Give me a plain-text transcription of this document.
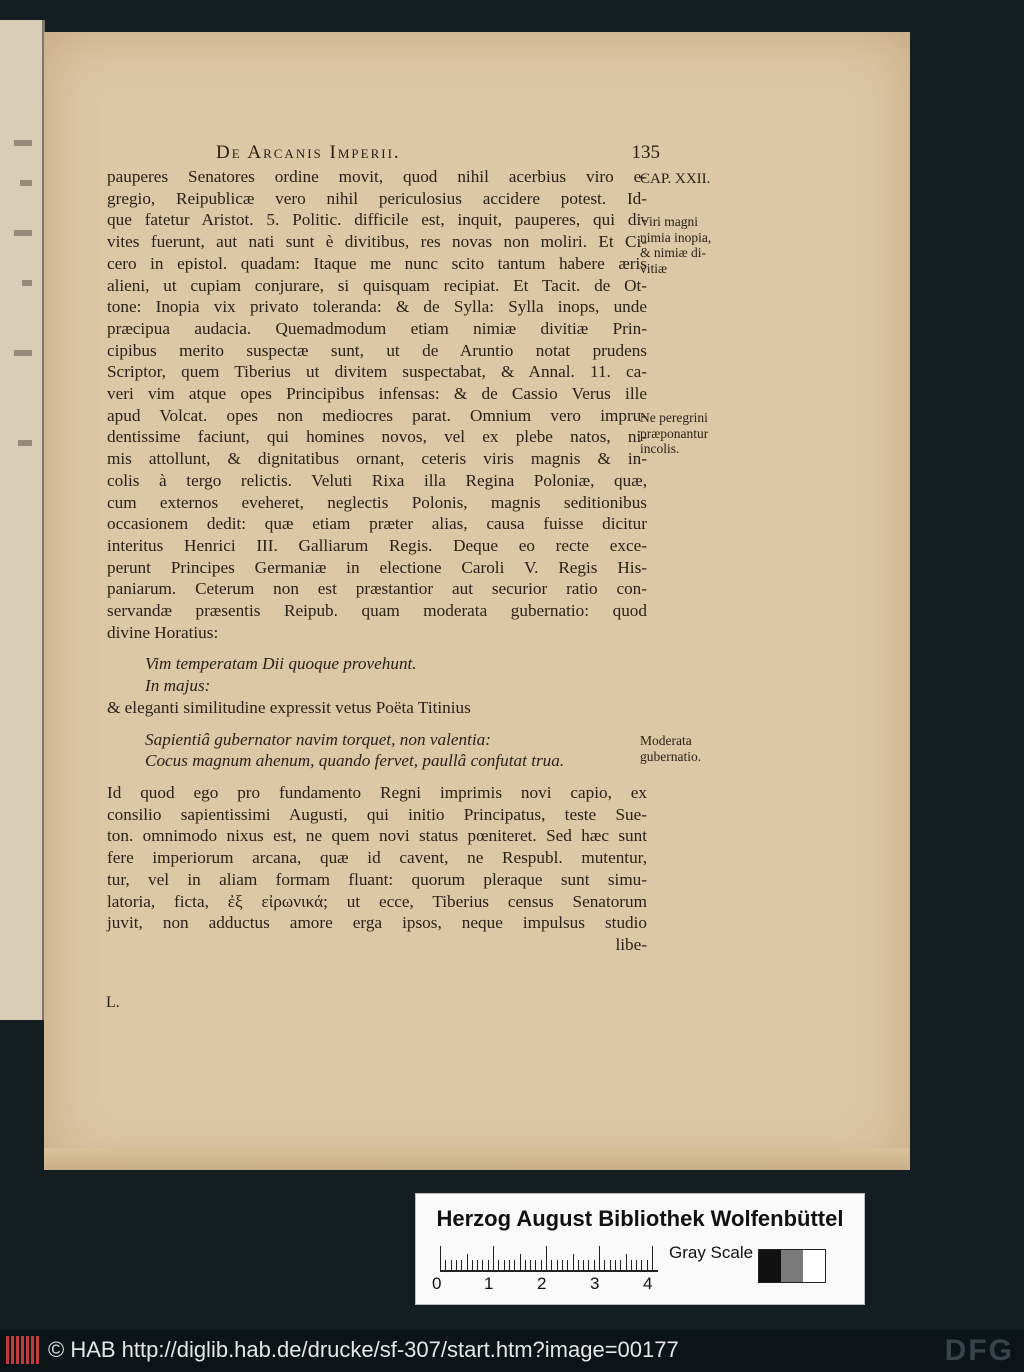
De Arcanis Imperii.	135
pauperes Senatores ordine movit, quod nihil acerbius viro e-
gregio, Reipublicæ vero nihil periculosius accidere potest. Id-
que fatetur Aristot. 5. Politic. difficile est, inquit, pauperes, qui di-
vites fuerunt, aut nati sunt è divitibus, res novas non moliri. Et Ci-
cero in epistol. quadam: Itaque me nunc scito tantum habere æris
alieni, ut cupiam conjurare, si quisquam recipiat. Et Tacit. de Ot-
tone: Inopia vix privato toleranda: & de Sylla: Sylla inops, unde
præcipua audacia. Quemadmodum etiam nimiæ divitiæ Prin-
cipibus merito suspectæ sunt, ut de Aruntio notat prudens
Scriptor, quem Tiberius ut divitem suspectabat, & Annal. 11. ca-
veri vim atque opes Principibus infensas: & de Cassio Verus ille
apud Volcat. opes non mediocres parat. Omnium vero impru-
dentissime faciunt, qui homines novos, vel ex plebe natos, ni-
mis attollunt, & dignitatibus ornant, ceteris viris magnis & in-
colis à tergo relictis. Veluti Rixa illa Regina Poloniæ, quæ,
cum externos eveheret, neglectis Polonis, magnis seditionibus
occasionem dedit: quæ etiam præter alias, causa fuisse dicitur
interitus Henrici III. Galliarum Regis. Deque eo recte exce-
perunt Principes Germaniæ in electione Caroli V. Regis His-
paniarum. Ceterum non est præstantior aut securior ratio con-
servandæ præsentis Reipub. quam moderata gubernatio: quod
divine Horatius:
Vim temperatam Dii quoque provehunt.
In majus:
& eleganti similitudine expressit vetus Poëta Titinius
Sapientiâ gubernator navim torquet, non valentia:
Cocus magnum ahenum, quando fervet, paullâ confutat trua.
Id quod ego pro fundamento Regni imprimis novi capio, ex
consilio sapientissimi Augusti, qui initio Principatus, teste Sue-
ton. omnimodo nixus est, ne quem novi status pœniteret. Sed hæc sunt
fere imperiorum arcana, quæ id cavent, ne Respubl. mutentur,
tur, vel in aliam formam fluant: quorum pleraque sunt simu-
latoria, ficta, ἐξ εἰρωνικά; ut ecce, Tiberius census Senatorum
juvit, non adductus amore erga ipsos, neque impulsus studio
libe-
CAP. XXII.
Viri magni
nimia inopia,
& nimiæ di-
vitiæ
Ne peregrini
præponantur
incolis.
Moderata
gubernatio.
L.
Herzog August Bibliothek Wolfenbüttel
0	1	2	3	4
Gray Scale
© HAB http://diglib.hab.de/drucke/sf-307/start.htm?image=00177	DFG
